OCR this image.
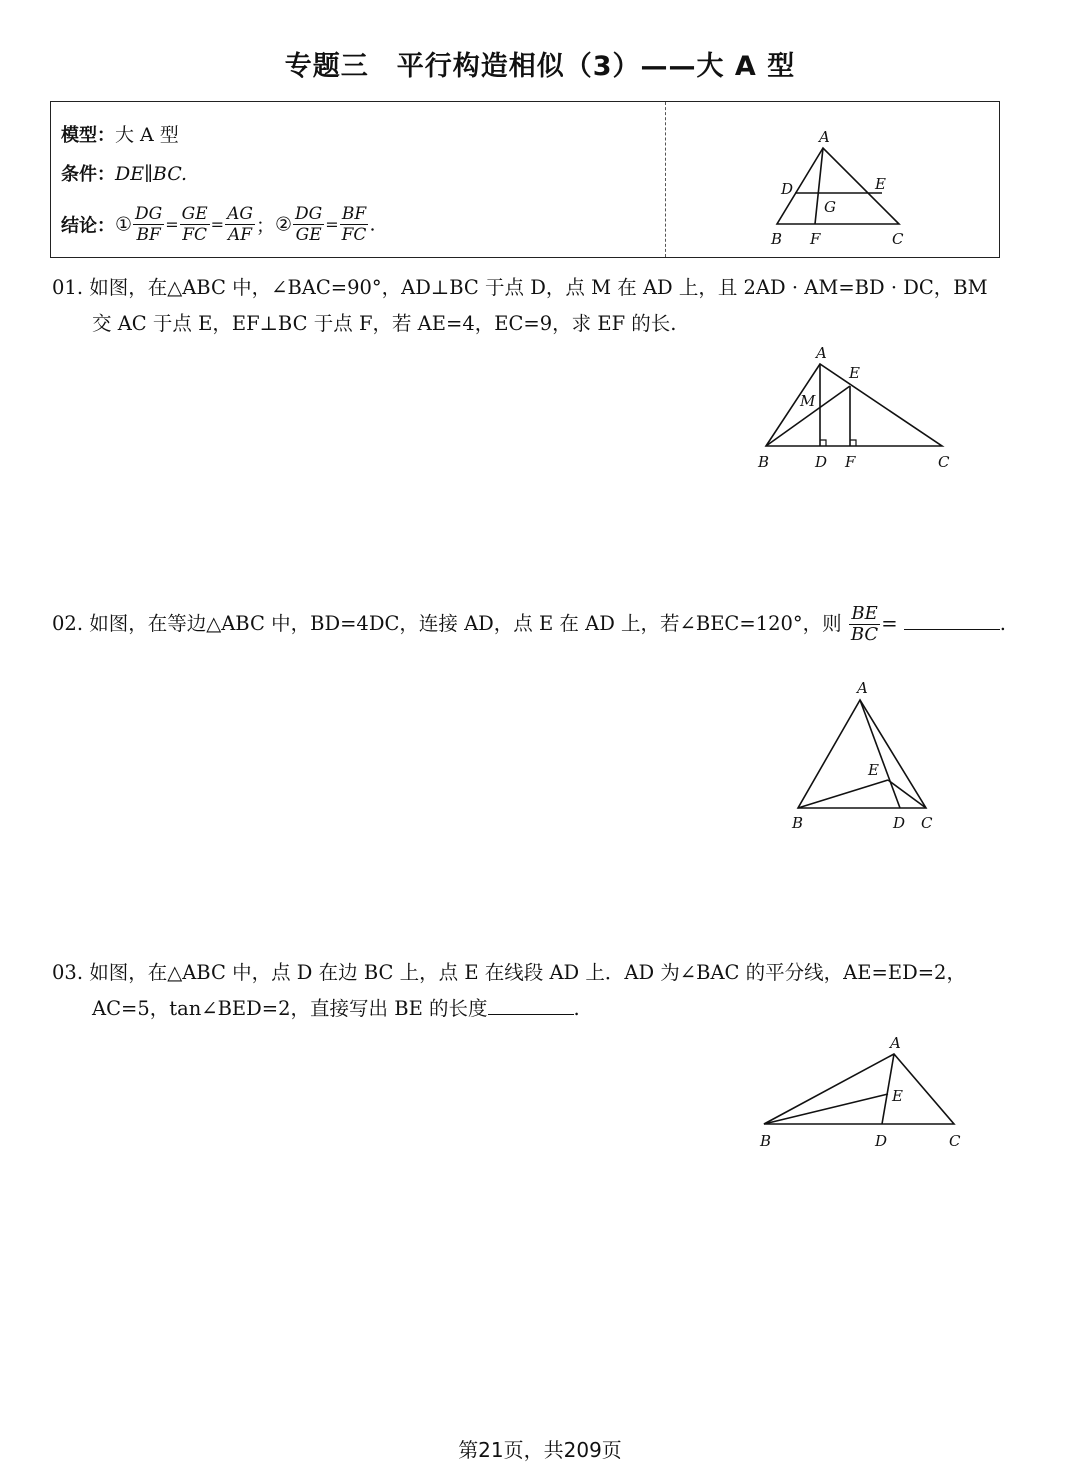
专题三　平行构造相似（3）——大 A 型
模型：大 A 型
条件：DE∥BC.
结论：① $\frac{DG}{BF} = \frac{GE}{FC} = \frac{AG}{AF}$ ；② $\frac{DG}{GE} = \frac{BF}{FC}$ .
A
D	E
G
B F	C
01. 如图，在△ABC 中，∠BAC=90°，AD⊥BC 于点 D，点 M 在 AD 上，且 2AD · AM=BD · DC，BM
交 AC 于点 E，EF⊥BC 于点 F，若 AE=4，EC=9，求 EF 的长.
A
E
M
B	D F	C
02. 如图，在等边△ABC 中，BD=4DC，连接 AD，点 E 在 AD 上，若∠BEC=120°，则 $\frac{BE}{BC}$ =	.
A
E
B	D C
03. 如图，在△ABC 中，点 D 在边 BC 上，点 E 在线段 AD 上．AD 为∠BAC 的平分线，AE=ED=2，
AC=5，tan∠BED=2，直接写出 BE 的长度	.
A
E
B	D	C
第21页，共209页
